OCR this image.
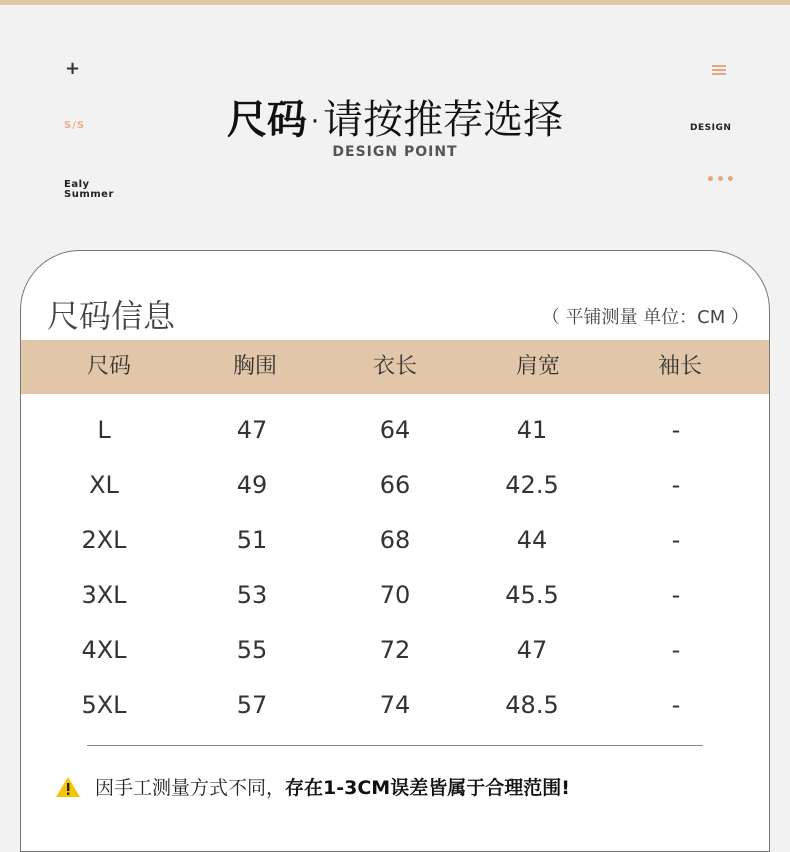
+
S/S
Ealy
Summer
DESIGN
•••
尺码 · 请按推荐选择
DESIGN POINT
尺码信息	（ 平铺测量 单位：CM ）
尺码	胸围	衣长	肩宽	袖长
L	47	64	41	-
XL	49	66	42.5	-
2XL	51	68	44	-
3XL	53	70	45.5	-
4XL	55	72	47	-
5XL	57	74	48.5	-
因手工测量方式不同， 存在1-3CM误差皆属于合理范围!
